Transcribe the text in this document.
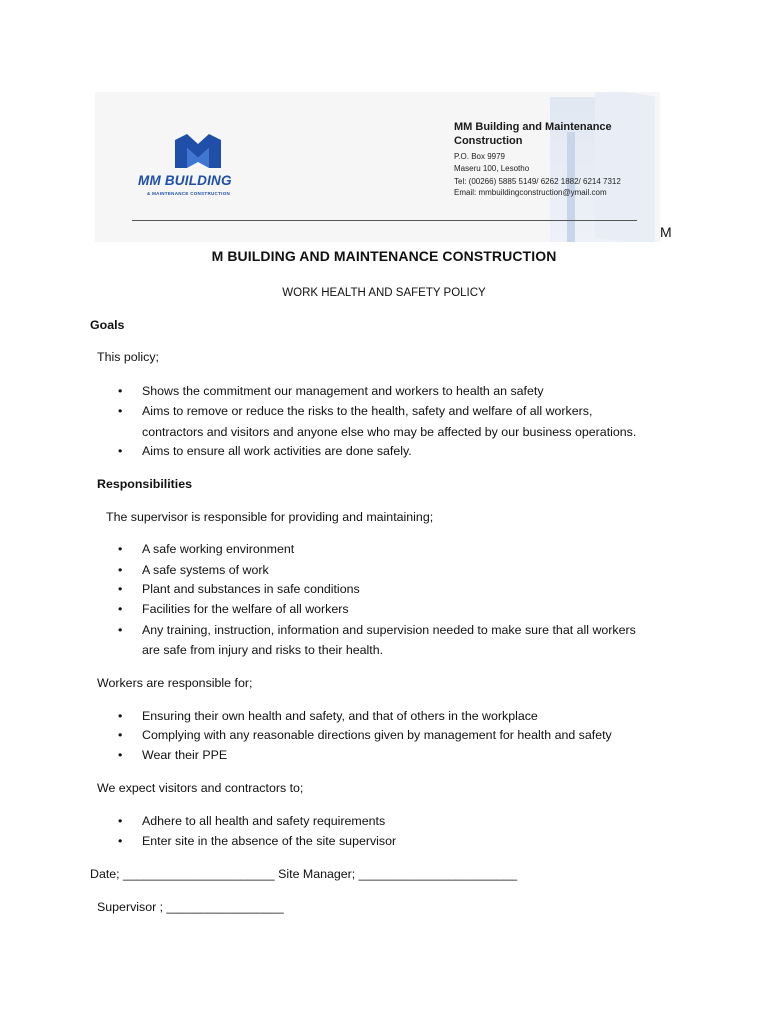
MM BUILDING
& MAINTENANCE CONSTRUCTION
MM Building and Maintenance Construction
P.O. Box 9979
Maseru 100, Lesotho
Tel: (00266) 5885 5149/ 6262 1882/ 6214 7312
Email: mmbuildingconstruction@ymail.com
M
M BUILDING AND MAINTENANCE CONSTRUCTION
WORK HEALTH AND SAFETY POLICY
Goals
This policy;
• Shows the commitment our management and workers to health an safety
• Aims to remove or reduce the risks to the health, safety and welfare of all workers,
contractors and visitors and anyone else who may be affected by our business operations.
• Aims to ensure all work activities are done safely.
Responsibilities
The supervisor is responsible for providing and maintaining;
• A safe working environment
• A safe systems of work
• Plant and substances in safe conditions
• Facilities for the welfare of all workers
• Any training, instruction, information and supervision needed to make sure that all workers
are safe from injury and risks to their health.
Workers are responsible for;
• Ensuring their own health and safety, and that of others in the workplace
• Complying with any reasonable directions given by management for health and safety
• Wear their PPE
We expect visitors and contractors to;
• Adhere to all health and safety requirements
• Enter site in the absence of the site supervisor
Date; ______________________ Site Manager; _______________________
Supervisor ; _________________
